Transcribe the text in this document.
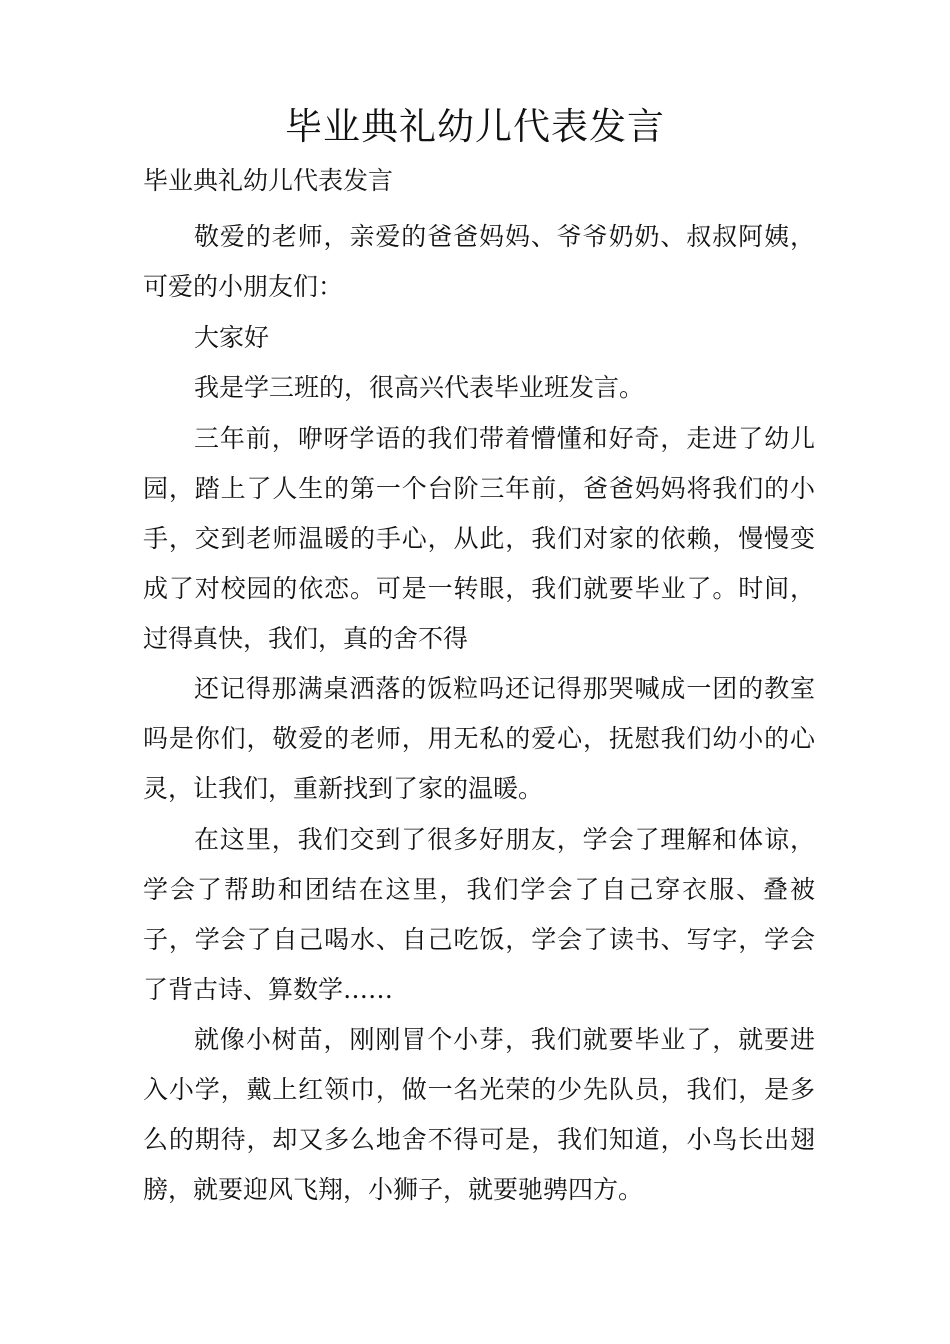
毕业典礼幼儿代表发言

毕业典礼幼儿代表发言

敬爱的老师，亲爱的爸爸妈妈、爷爷奶奶、叔叔阿姨，可爱的小朋友们：

大家好

我是学三班的，很高兴代表毕业班发言。

三年前，咿呀学语的我们带着懵懂和好奇，走进了幼儿园，踏上了人生的第一个台阶三年前，爸爸妈妈将我们的小手，交到老师温暖的手心，从此，我们对家的依赖，慢慢变成了对校园的依恋。可是一转眼，我们就要毕业了。时间，过得真快，我们，真的舍不得

还记得那满桌洒落的饭粒吗还记得那哭喊成一团的教室吗是你们，敬爱的老师，用无私的爱心，抚慰我们幼小的心灵，让我们，重新找到了家的温暖。

在这里，我们交到了很多好朋友，学会了理解和体谅，学会了帮助和团结在这里，我们学会了自己穿衣服、叠被子，学会了自己喝水、自己吃饭，学会了读书、写字，学会了背古诗、算数学……

就像小树苗，刚刚冒个小芽，我们就要毕业了，就要进入小学，戴上红领巾，做一名光荣的少先队员，我们，是多么的期待，却又多么地舍不得可是，我们知道，小鸟长出翅膀，就要迎风飞翔，小狮子，就要驰骋四方。
